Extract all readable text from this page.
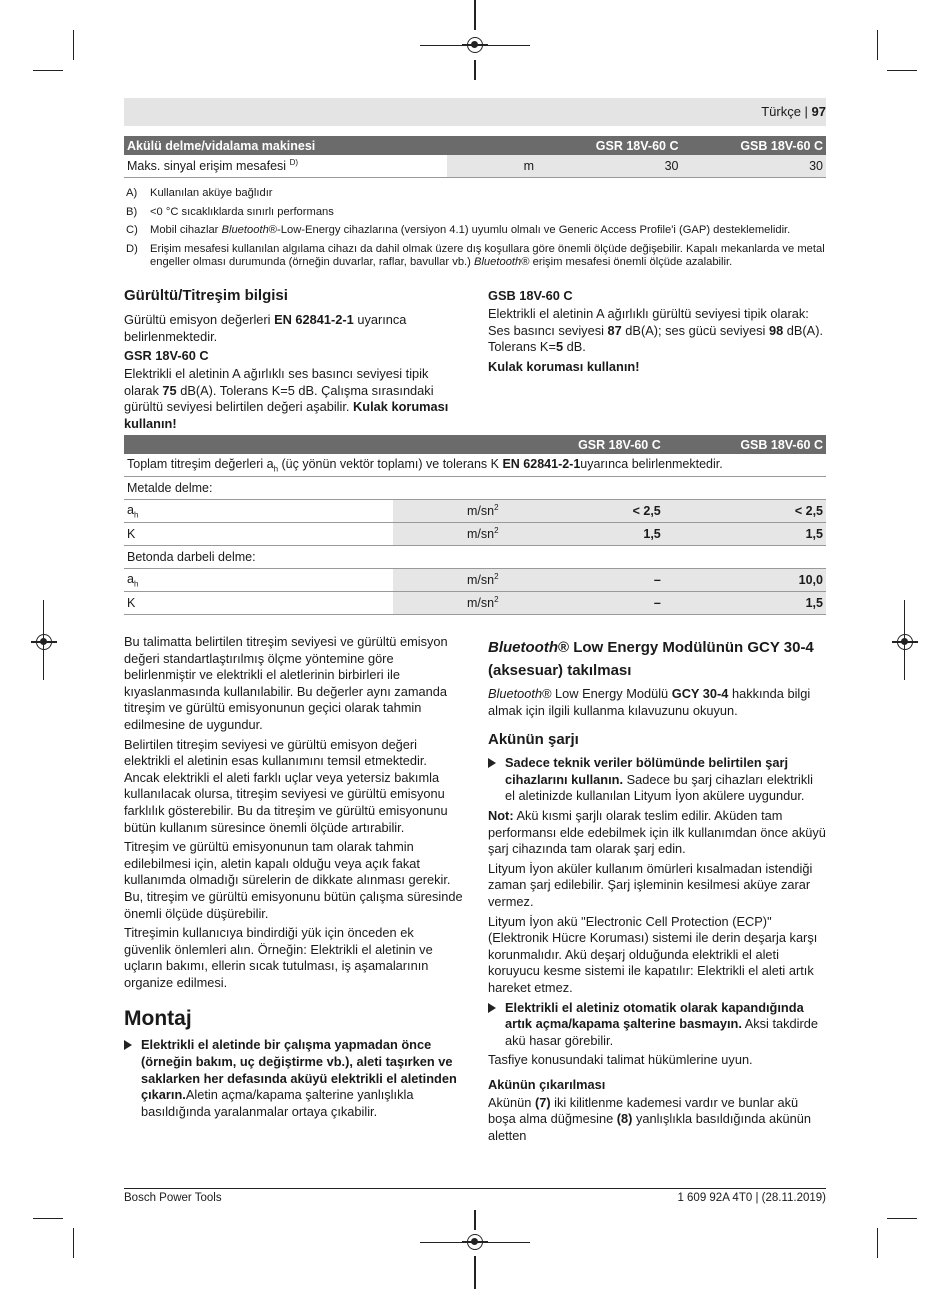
Türkçe | 97
Akülü delme/vidalama makinesi		GSR 18V-60 C	GSB 18V-60 C
Maks. sinyal erişim mesafesi $^{D)}$	m	30	30
A) Kullanılan aküye bağlıdır
B) <0 °C sıcaklıklarda sınırlı performans
C) Mobil cihazlar Bluetooth®-Low-Energy cihazlarına (versiyon 4.1) uyumlu olmalı ve Generic Access Profile'i (GAP) desteklemelidir.
D) Erişim mesafesi kullanılan algılama cihazı da dahil olmak üzere dış koşullara göre önemli ölçüde değişebilir. Kapalı mekanlarda ve metal engeller olması durumunda (örneğin duvarlar, raflar, bavullar vb.) Bluetooth® erişim mesafesi önemli ölçüde azalabilir.
Gürültü/Titreşim bilgisi
Gürültü emisyon değerleri EN 62841-2-1 uyarınca belirlenmektedir.
GSR 18V-60 C
Elektrikli el aletinin A ağırlıklı ses basıncı seviyesi tipik olarak 75 dB(A). Tolerans K=5 dB. Çalışma sırasındaki gürültü seviyesi belirtilen değeri aşabilir. Kulak koruması kullanın!
GSB 18V-60 C
Elektrikli el aletinin A ağırlıklı gürültü seviyesi tipik olarak: Ses basıncı seviyesi 87 dB(A); ses gücü seviyesi 98 dB(A). Tolerans K=5 dB.
Kulak koruması kullanın!
		GSR 18V-60 C	GSB 18V-60 C
Toplam titreşim değerleri $a_h$ (üç yönün vektör toplamı) ve tolerans K EN 62841-2-1uyarınca belirlenmektedir.			
Metalde delme:			
$a_h$	$m/sn^2$	< 2,5	< 2,5
K	$m/sn^2$	1,5	1,5
Betonda darbeli delme:			
$a_h$	$m/sn^2$	–	10,0
K	$m/sn^2$	–	1,5
Bu talimatta belirtilen titreşim seviyesi ve gürültü emisyon değeri standartlaştırılmış ölçme yöntemine göre belirlenmiştir ve elektrikli el aletlerinin birbirleri ile kıyaslanmasında kullanılabilir. Bu değerler aynı zamanda titreşim ve gürültü emisyonunun geçici olarak tahmin edilmesine de uygundur.
Belirtilen titreşim seviyesi ve gürültü emisyon değeri elektrikli el aletinin esas kullanımını temsil etmektedir. Ancak elektrikli el aleti farklı uçlar veya yetersiz bakımla kullanılacak olursa, titreşim seviyesi ve gürültü emisyonu farklılık gösterebilir. Bu da titreşim ve gürültü emisyonunu bütün kullanım süresince önemli ölçüde artırabilir.
Titreşim ve gürültü emisyonunun tam olarak tahmin edilebilmesi için, aletin kapalı olduğu veya açık fakat kullanımda olmadığı sürelerin de dikkate alınması gerekir. Bu, titreşim ve gürültü emisyonunu bütün çalışma süresinde önemli ölçüde düşürebilir.
Titreşimin kullanıcıya bindirdiği yük için önceden ek güvenlik önlemleri alın. Örneğin: Elektrikli el aletinin ve uçların bakımı, ellerin sıcak tutulması, iş aşamalarının organize edilmesi.
Montaj
Elektrikli el aletinde bir çalışma yapmadan önce (örneğin bakım, uç değiştirme vb.), aleti taşırken ve saklarken her defasında aküyü elektrikli el aletinden çıkarın.Aletin açma/kapama şalterine yanlışlıkla basıldığında yaralanmalar ortaya çıkabilir.
Bluetooth® Low Energy Modülünün GCY 30-4 (aksesuar) takılması
Bluetooth® Low Energy Modülü GCY 30-4 hakkında bilgi almak için ilgili kullanma kılavuzunu okuyun.
Akünün şarjı
Sadece teknik veriler bölümünde belirtilen şarj cihazlarını kullanın. Sadece bu şarj cihazları elektrikli el aletinizde kullanılan Lityum İyon akülere uygundur.
Not: Akü kısmi şarjlı olarak teslim edilir. Aküden tam performansı elde edebilmek için ilk kullanımdan önce aküyü şarj cihazında tam olarak şarj edin.
Lityum İyon aküler kullanım ömürleri kısalmadan istendiği zaman şarj edilebilir. Şarj işleminin kesilmesi aküye zarar vermez.
Lityum İyon akü "Electronic Cell Protection (ECP)" (Elektronik Hücre Koruması) sistemi ile derin deşarja karşı korunmalıdır. Akü deşarj olduğunda elektrikli el aleti koruyucu kesme sistemi ile kapatılır: Elektrikli el aleti artık hareket etmez.
Elektrikli el aletiniz otomatik olarak kapandığında artık açma/kapama şalterine basmayın. Aksi takdirde akü hasar görebilir.
Tasfiye konusundaki talimat hükümlerine uyun.
Akünün çıkarılması
Akünün (7) iki kilitlenme kademesi vardır ve bunlar akü boşa alma düğmesine (8) yanlışlıkla basıldığında akünün aletten
Bosch Power Tools	1 609 92A 4T0 | (28.11.2019)
